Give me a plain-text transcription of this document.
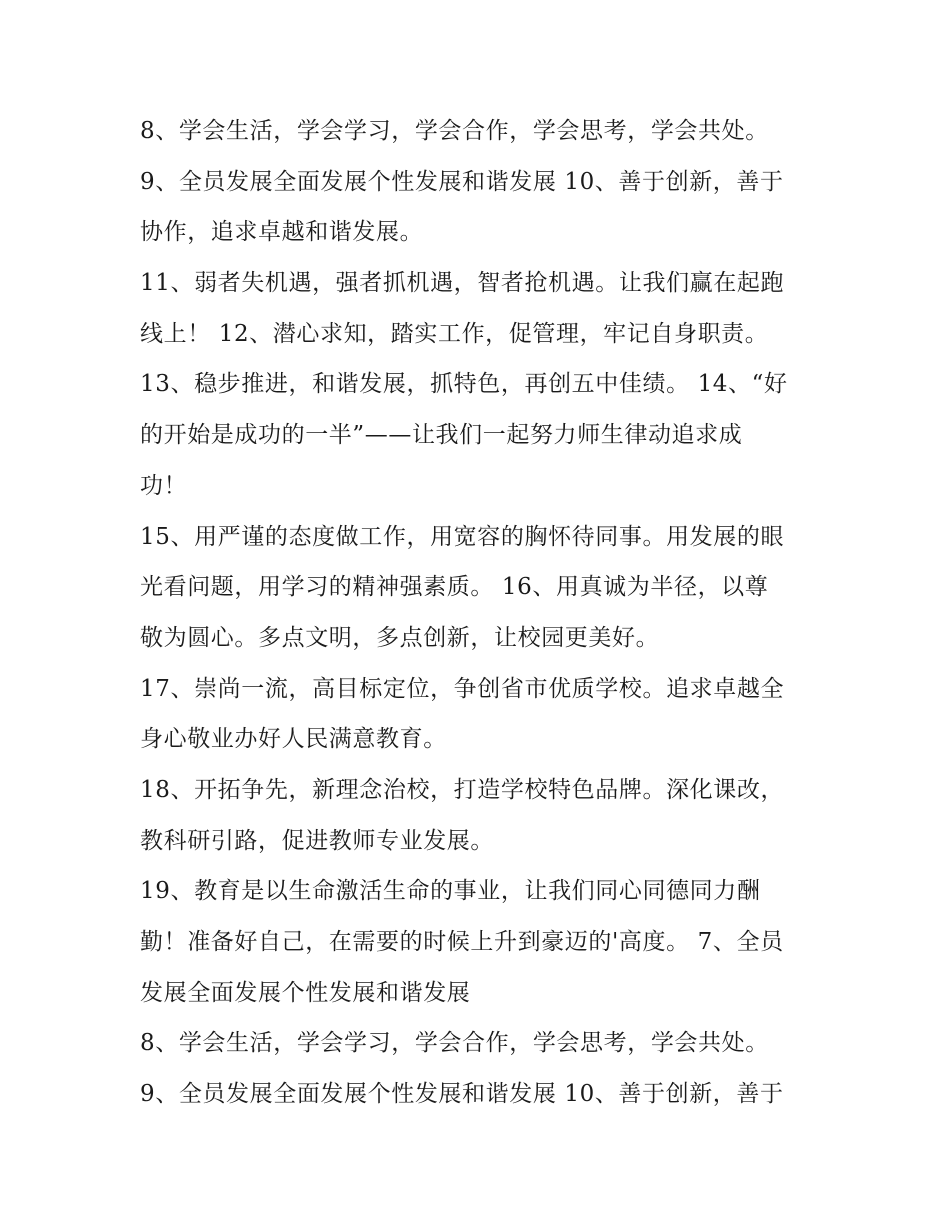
8、学会生活，学会学习，学会合作，学会思考，学会共处。
9、全员发展全面发展个性发展和谐发展 10、善于创新，善于
协作，追求卓越和谐发展。
11、弱者失机遇，强者抓机遇，智者抢机遇。让我们赢在起跑
线上！ 12、潜心求知，踏实工作，促管理，牢记自身职责。
13、稳步推进，和谐发展，抓特色，再创五中佳绩。 14、“好
的开始是成功的一半”——让我们一起努力师生律动追求成
功！
15、用严谨的态度做工作，用宽容的胸怀待同事。用发展的眼
光看问题，用学习的精神强素质。 16、用真诚为半径，以尊
敬为圆心。多点文明，多点创新，让校园更美好。
17、崇尚一流，高目标定位，争创省市优质学校。追求卓越全
身心敬业办好人民满意教育。
18、开拓争先，新理念治校，打造学校特色品牌。深化课改，
教科研引路，促进教师专业发展。
19、教育是以生命激活生命的事业，让我们同心同德同力酬
勤！准备好自己，在需要的时候上升到豪迈的'高度。 7、全员
发展全面发展个性发展和谐发展
8、学会生活，学会学习，学会合作，学会思考，学会共处。
9、全员发展全面发展个性发展和谐发展 10、善于创新，善于
